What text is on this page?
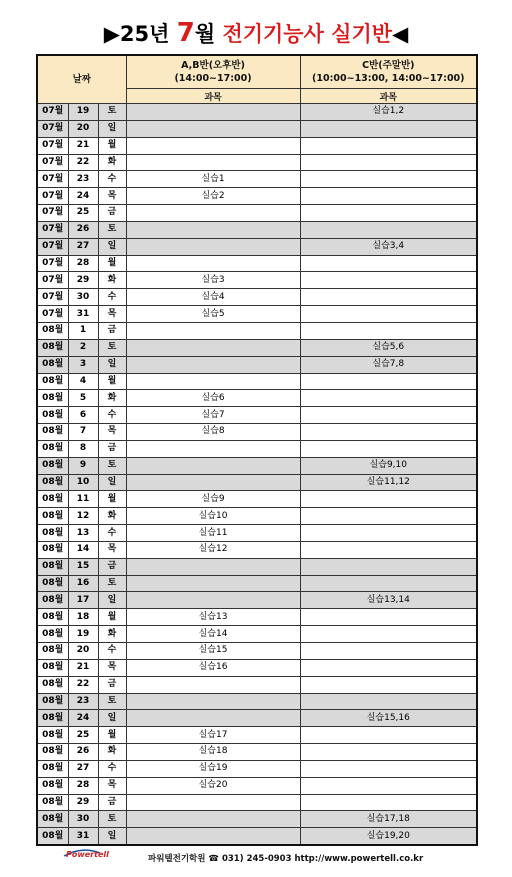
▶25년 7월 전기기능사 실기반◀
날짜			A,B반(오후반)
(14:00~17:00)	C반(주말반)
(10:00~13:00, 14:00~17:00)
			과목	과목
07월	19	토		실습1,2
07월	20	일		
07월	21	월		
07월	22	화		
07월	23	수	실습1	
07월	24	목	실습2	
07월	25	금		
07월	26	토		
07월	27	일		실습3,4
07월	28	월		
07월	29	화	실습3	
07월	30	수	실습4	
07월	31	목	실습5	
08월	1	금		
08월	2	토		실습5,6
08월	3	일		실습7,8
08월	4	월		
08월	5	화	실습6	
08월	6	수	실습7	
08월	7	목	실습8	
08월	8	금		
08월	9	토		실습9,10
08월	10	일		실습11,12
08월	11	월	실습9	
08월	12	화	실습10	
08월	13	수	실습11	
08월	14	목	실습12	
08월	15	금		
08월	16	토		
08월	17	일		실습13,14
08월	18	월	실습13	
08월	19	화	실습14	
08월	20	수	실습15	
08월	21	목	실습16	
08월	22	금		
08월	23	토		
08월	24	일		실습15,16
08월	25	월	실습17	
08월	26	화	실습18	
08월	27	수	실습19	
08월	28	목	실습20	
08월	29	금		
08월	30	토		실습17,18
08월	31	일		실습19,20
Powertell	파워텔전기학원 ☎ 031) 245-0903 http://www.powertell.co.kr
